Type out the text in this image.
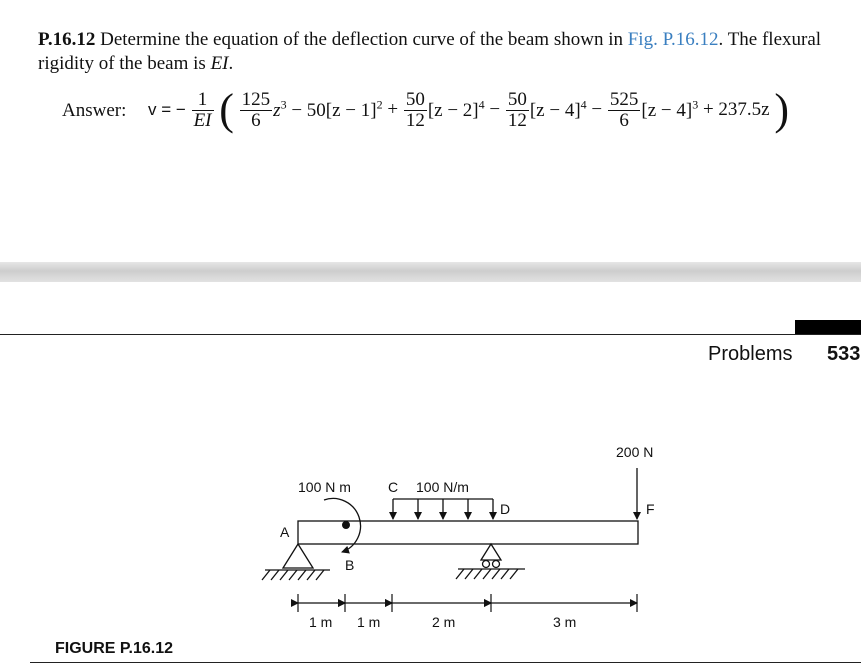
P.16.12 Determine the equation of the deflection curve of the beam shown in Fig. P.16.12. The flexural rigidity of the beam is EI.
Answer: v = − $\frac{1}{EI}$ ( $\frac{125}{6} z^3 - 50[z - 1]^2 + \frac{50}{12} [z - 2]^4 - \frac{50}{12} [z - 4]^4 - \frac{525}{6} [z - 4]^3 + 237.5z$ )
Problems 533
100 N m	C 100 N/m
D
200 N
F
A
B
1 m 1 m	2 m	3 m
FIGURE P.16.12
